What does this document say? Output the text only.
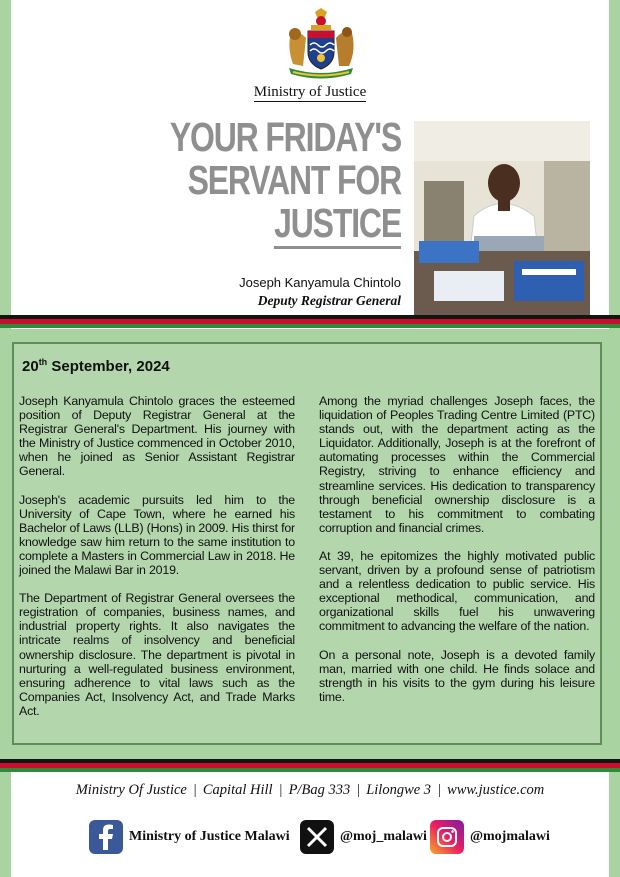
Ministry of Justice
YOUR FRIDAY'S
SERVANT FOR
JUSTICE
Joseph Kanyamula Chintolo
Deputy Registrar General
20th September, 2024

Joseph Kanyamula Chintolo graces the esteemed position of Deputy Registrar General at the Registrar General's Department. His journey with the Ministry of Justice commenced in October 2010, when he joined as Senior Assistant Registrar General.

Joseph's academic pursuits led him to the University of Cape Town, where he earned his Bachelor of Laws (LLB) (Hons) in 2009. His thirst for knowledge saw him return to the same institution to complete a Masters in Commercial Law in 2018. He joined the Malawi Bar in 2019.

The Department of Registrar General oversees the registration of companies, business names, and industrial property rights. It also navigates the intricate realms of insolvency and beneficial ownership disclosure. The department is pivotal in nurturing a well-regulated business environment, ensuring adherence to vital laws such as the Companies Act, Insolvency Act, and Trade Marks Act.

Among the myriad challenges Joseph faces, the liquidation of Peoples Trading Centre Limited (PTC) stands out, with the department acting as the Liquidator. Additionally, Joseph is at the forefront of automating processes within the Commercial Registry, striving to enhance efficiency and streamline services. His dedication to transparency through beneficial ownership disclosure is a testament to his commitment to combating corruption and financial crimes.

At 39, he epitomizes the highly motivated public servant, driven by a profound sense of patriotism and a relentless dedication to public service. His exceptional methodical, communication, and organizational skills fuel his unwavering commitment to advancing the welfare of the nation.

On a personal note, Joseph is a devoted family man, married with one child. He finds solace and strength in his visits to the gym during his leisure time.

Ministry Of Justice | Capital Hill | P/Bag 333 | Lilongwe 3 | www.justice.com
Ministry of Justice Malawi	@moj_malawi	@mojmalawi
